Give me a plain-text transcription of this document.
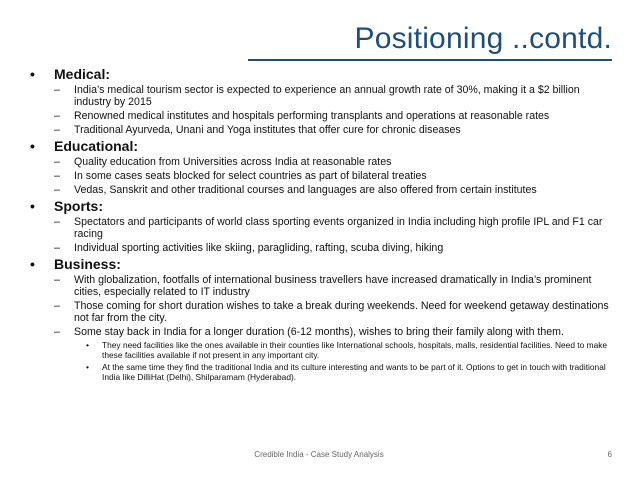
Positioning ..contd.
•	Medical:
–	India’s medical tourism sector is expected to experience an annual growth rate of 30%, making it a $2 billion industry by 2015
–	Renowned medical institutes and hospitals performing transplants and operations at reasonable rates
–	Traditional Ayurveda, Unani and Yoga institutes that offer cure for chronic diseases
•	Educational:
–	Quality education from Universities across India at reasonable rates
–	In some cases seats blocked for select countries as part of bilateral treaties
–	Vedas, Sanskrit and other traditional courses and languages are also offered from certain institutes
•	Sports:
–	Spectators and participants of world class sporting events organized in India including high profile IPL and F1 car racing
–	Individual sporting activities like skiing, paragliding, rafting, scuba diving, hiking
•	Business:
–	With globalization, footfalls of international business travellers have increased dramatically in India’s prominent cities, especially related to IT industry
–	Those coming for short duration wishes to take a break during weekends. Need for weekend getaway destinations not far from the city.
–	Some stay back in India for a longer duration (6-12 months), wishes to bring their family along with them.
•	They need facilities like the ones available in their counties like International schools, hospitals, malls, residential facilities. Need to make these facilities available if not present in any important city.
•	At the same time they find the traditional India and its culture interesting and wants to be part of it. Options to get in touch with traditional India like DilliHat (Delhi), Shilparamam (Hyderabad).
Credible India - Case Study Analysis	6
